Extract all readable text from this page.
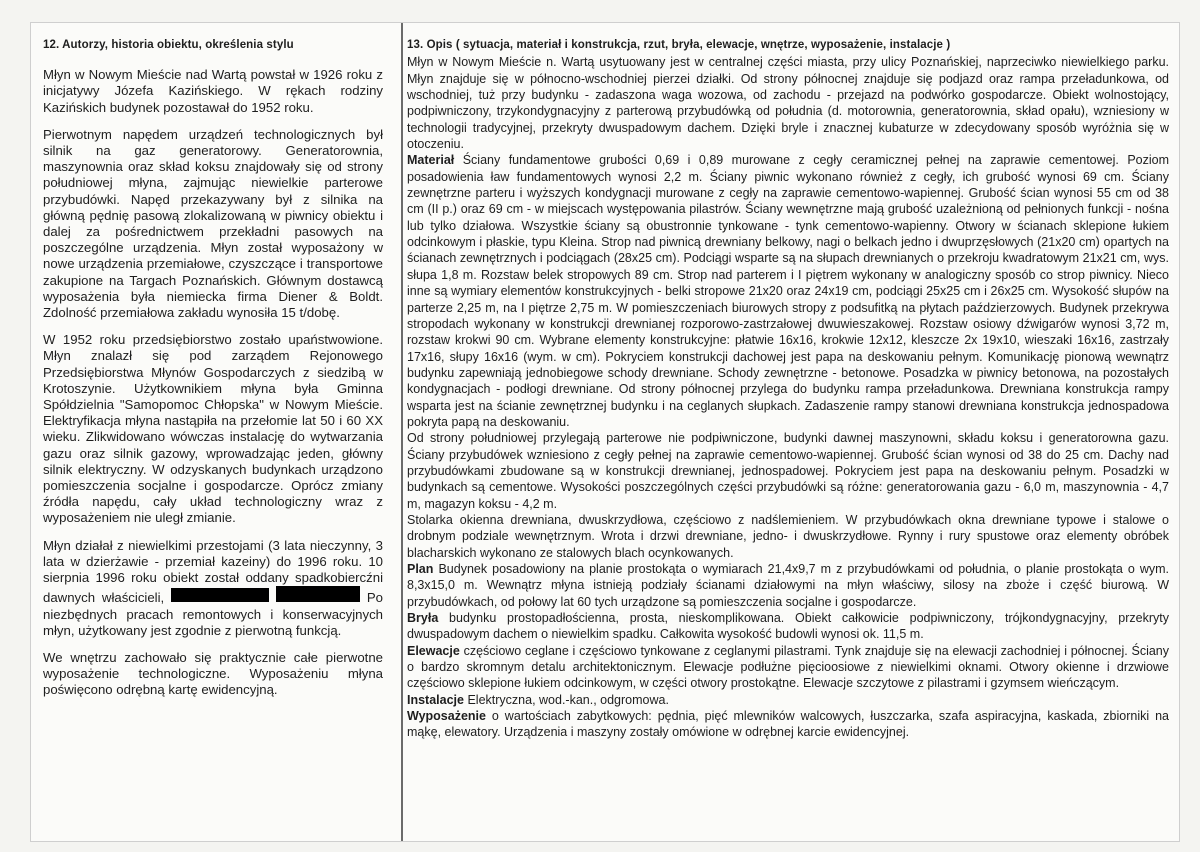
12. Autorzy, historia obiektu, określenia stylu

Młyn w Nowym Mieście nad Wartą powstał w 1926 roku z inicjatywy Józefa Kazińskiego. W rękach rodziny Kazińskich budynek pozostawał do 1952 roku.

Pierwotnym napędem urządzeń technologicznych był silnik na gaz generatorowy. Generatorownia, maszynownia oraz skład koksu znajdowały się od strony południowej młyna, zajmując niewielkie parterowe przybudówki. Napęd przekazywany był z silnika na główną pędnię pasową zlokalizowaną w piwnicy obiektu i dalej za pośrednictwem przekładni pasowych na poszczególne urządzenia. Młyn został wyposażony w nowe urządzenia przemiałowe, czyszczące i transportowe zakupione na Targach Poznańskich. Głównym dostawcą wyposażenia była niemiecka firma Diener & Boldt. Zdolność przemiałowa zakładu wynosiła 15 t/dobę.

W 1952 roku przedsiębiorstwo zostało upaństwowione. Młyn znalazł się pod zarządem Rejonowego Przedsiębiorstwa Młynów Gospodarczych z siedzibą w Krotoszynie. Użytkownikiem młyna była Gminna Spółdzielnia "Samopomoc Chłopska" w Nowym Mieście. Elektryfikacja młyna nastąpiła na przełomie lat 50 i 60 XX wieku. Zlikwidowano wówczas instalację do wytwarzania gazu oraz silnik gazowy, wprowadzając jeden, główny silnik elektryczny. W odzyskanych budynkach urządzono pomieszczenia socjalne i gospodarcze. Oprócz zmiany źródła napędu, cały układ technologiczny wraz z wyposażeniem nie uległ zmianie.

Młyn działał z niewielkimi przestojami (3 lata nieczynny, 3 lata w dzierżawie - przemiał kazeiny) do 1996 roku. 10 sierpnia 1996 roku obiekt został oddany spadkobiercźni dawnych właścicieli,	Po niezbędnych pracach remontowych i konserwacyjnych młyn, użytkowany jest zgodnie z pierwotną funkcją.

We wnętrzu zachowało się praktycznie całe pierwotne wyposażenie technologiczne. Wyposażeniu młyna poświęcono odrębną kartę ewidencyjną.

13. Opis ( sytuacja, materiał i konstrukcja, rzut, bryła, elewacje, wnętrze, wyposażenie, instalacje )

Młyn w Nowym Mieście n. Wartą usytuowany jest w centralnej części miasta, przy ulicy Poznańskiej, naprzeciwko niewielkiego parku. Młyn znajduje się w północno-wschodniej pierzei działki. Od strony północnej znajduje się podjazd oraz rampa przeładunkowa, od wschodniej, tuż przy budynku - zadaszona waga wozowa, od zachodu - przejazd na podwórko gospodarcze. Obiekt wolnostojący, podpiwniczony, trzykondygnacyjny z parterową przybudówką od południa (d. motorownia, generatorownia, skład opału), wzniesiony w technologii tradycyjnej, przekryty dwuspadowym dachem. Dzięki bryle i znacznej kubaturze w zdecydowany sposób wyróżnia się w otoczeniu.

Materiał Ściany fundamentowe grubości 0,69 i 0,89 murowane z cegły ceramicznej pełnej na zaprawie cementowej. Poziom posadowienia ław fundamentowych wynosi 2,2 m. Ściany piwnic wykonano również z cegły, ich grubość wynosi 69 cm. Ściany zewnętrzne parteru i wyższych kondygnacji murowane z cegły na zaprawie cementowo-wapiennej. Grubość ścian wynosi 55 cm od 38 cm (II p.) oraz 69 cm - w miejscach występowania pilastrów. Ściany wewnętrzne mają grubość uzależnioną od pełnionych funkcji - nośna lub tylko działowa. Wszystkie ściany są obustronnie tynkowane - tynk cementowo-wapienny. Otwory w ścianach sklepione łukiem odcinkowym i płaskie, typu Kleina. Strop nad piwnicą drewniany belkowy, nagi o belkach jedno i dwuprzęsłowych (21x20 cm) opartych na ścianach zewnętrznych i podciągach (28x25 cm). Podciągi wsparte są na słupach drewnianych o przekroju kwadratowym 21x21 cm, wys. słupa 1,8 m. Rozstaw belek stropowych 89 cm. Strop nad parterem i I piętrem wykonany w analogiczny sposób co strop piwnicy. Nieco inne są wymiary elementów konstrukcyjnych - belki stropowe 21x20 oraz 24x19 cm, podciągi 25x25 cm i 26x25 cm. Wysokość słupów na parterze 2,25 m, na I piętrze 2,75 m. W pomieszczeniach biurowych stropy z podsufitką na płytach paździerzowych. Budynek przekrywa stropodach wykonany w konstrukcji drewnianej rozporowo-zastrzałowej dwuwieszakowej. Rozstaw osiowy dźwigarów wynosi 3,72 m, rozstaw krokwi 90 cm. Wybrane elementy konstrukcyjne: płatwie 16x16, krokwie 12x12, kleszcze 2x 19x10, wieszaki 16x16, zastrzały 17x16, słupy 16x16 (wym. w cm). Pokryciem konstrukcji dachowej jest papa na deskowaniu pełnym. Komunikację pionową wewnątrz budynku zapewniają jednobiegowe schody drewniane. Schody zewnętrzne - betonowe. Posadzka w piwnicy betonowa, na pozostałych kondygnacjach - podłogi drewniane. Od strony północnej przylega do budynku rampa przeładunkowa. Drewniana konstrukcja rampy wsparta jest na ścianie zewnętrznej budynku i na ceglanych słupkach. Zadaszenie rampy stanowi drewniana konstrukcja jednospadowa pokryta papą na deskowaniu.

Od strony południowej przylegają parterowe nie podpiwniczone, budynki dawnej maszynowni, składu koksu i generatorowna gazu. Ściany przybudówek wzniesiono z cegły pełnej na zaprawie cementowo-wapiennej. Grubość ścian wynosi od 38 do 25 cm. Dachy nad przybudówkami zbudowane są w konstrukcji drewnianej, jednospadowej. Pokryciem jest papa na deskowaniu pełnym. Posadzki w budynkach są cementowe. Wysokości poszczególnych części przybudówki są różne: generatorowania gazu - 6,0 m, maszynownia - 4,7 m, magazyn koksu - 4,2 m.

Stolarka okienna drewniana, dwuskrzydłowa, częściowo z nadślemieniem. W przybudówkach okna drewniane typowe i stalowe o drobnym podziale wewnętrznym. Wrota i drzwi drewniane, jedno- i dwuskrzydłowe. Rynny i rury spustowe oraz elementy obróbek blacharskich wykonano ze stalowych blach ocynkowanych.

Plan Budynek posadowiony na planie prostokąta o wymiarach 21,4x9,7 m z przybudówkami od południa, o planie prostokąta o wym. 8,3x15,0 m. Wewnątrz młyna istnieją podziały ścianami działowymi na młyn właściwy, silosy na zboże i część biurową. W przybudówkach, od połowy lat 60 tych urządzone są pomieszczenia socjalne i gospodarcze.

Bryła budynku prostopadłościenna, prosta, nieskomplikowana. Obiekt całkowicie podpiwniczony, trójkondygnacyjny, przekryty dwuspadowym dachem o niewielkim spadku. Całkowita wysokość budowli wynosi ok. 11,5 m.

Elewacje częściowo ceglane i częściowo tynkowane z ceglanymi pilastrami. Tynk znajduje się na elewacji zachodniej i północnej. Ściany o bardzo skromnym detalu architektonicznym. Elewacje podłużne pięcioosiowe z niewielkimi oknami. Otwory okienne i drzwiowe częściowo sklepione łukiem odcinkowym, w części otwory prostokątne. Elewacje szczytowe z pilastrami i gzymsem wieńczącym.

Instalacje Elektryczna, wod.-kan., odgromowa.

Wyposażenie o wartościach zabytkowych: pędnia, pięć mlewników walcowych, łuszczarka, szafa aspiracyjna, kaskada, zbiorniki na mąkę, elewatory. Urządzenia i maszyny zostały omówione w odrębnej karcie ewidencyjnej.
